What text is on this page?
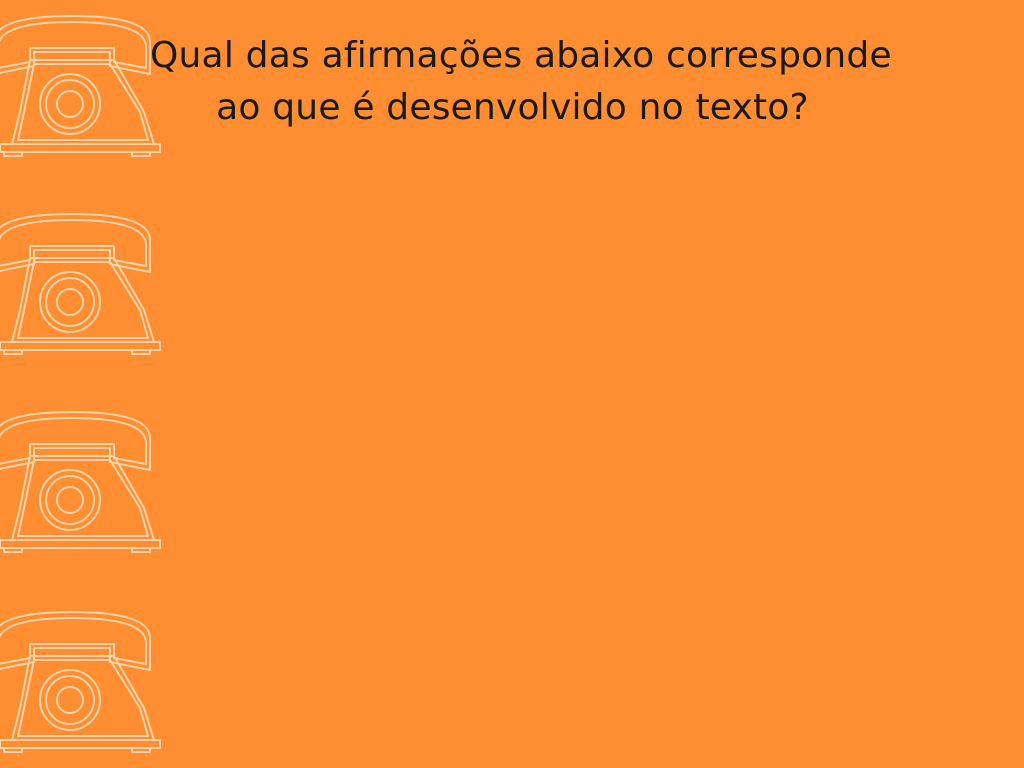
Qual das afirmações abaixo corresponde
ao que é desenvolvido no texto?
